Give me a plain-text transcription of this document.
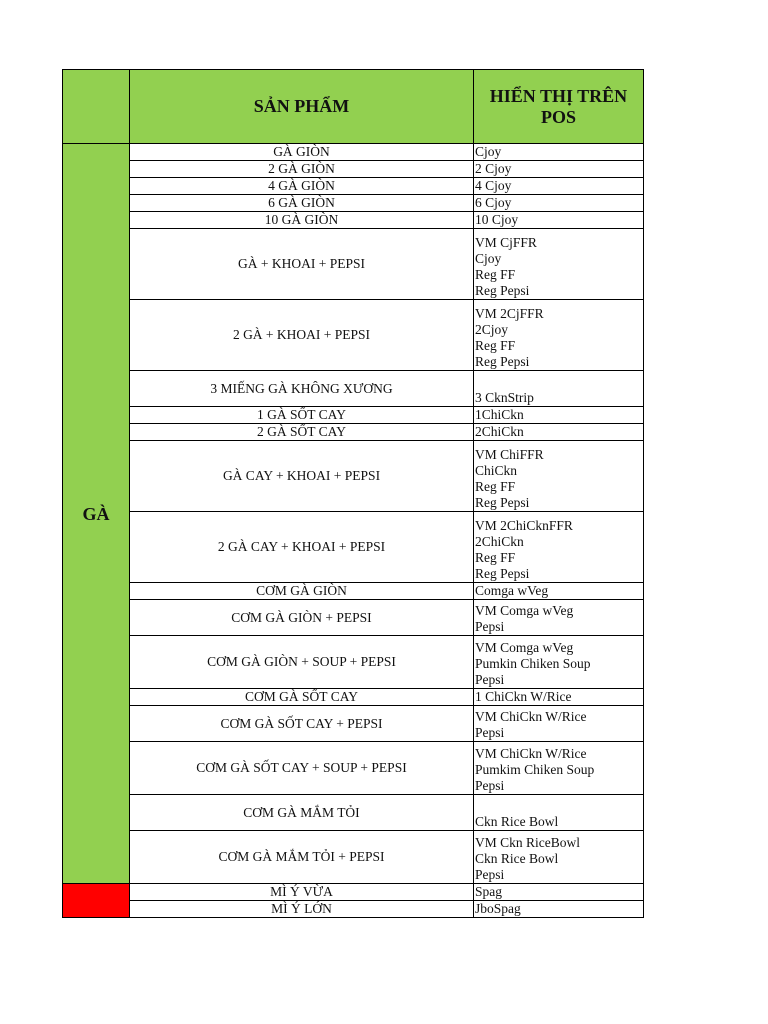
	SẢN PHẨM	HIỂN THỊ TRÊN POS
GÀ	GÀ GIÒN	Cjoy

	2 GÀ GIÒN	2 Cjoy

	4 GÀ GIÒN	4 Cjoy

	6 GÀ GIÒN	6 Cjoy

	10 GÀ GIÒN	10 Cjoy

	GÀ + KHOAI + PEPSI	VM CjFFR
Cjoy
Reg FF
Reg Pepsi

	2 GÀ + KHOAI + PEPSI	VM 2CjFFR
2Cjoy
Reg FF
Reg Pepsi

	3 MIẾNG GÀ KHÔNG XƯƠNG	3 CknStrip

	1 GÀ SỐT CAY	1ChiCkn

	2 GÀ SỐT CAY	2ChiCkn

	GÀ CAY + KHOAI + PEPSI	VM ChiFFR
ChiCkn
Reg FF
Reg Pepsi

	2 GÀ CAY + KHOAI + PEPSI	VM 2ChiCknFFR
2ChiCkn
Reg FF
Reg Pepsi

	CƠM GÀ GIÒN	Comga wVeg

	CƠM GÀ GIÒN + PEPSI	VM Comga wVeg
Pepsi

	CƠM GÀ GIÒN + SOUP + PEPSI	VM Comga wVeg
Pumkin Chiken Soup
Pepsi

	CƠM GÀ SỐT CAY	1 ChiCkn W/Rice

	CƠM GÀ SỐT CAY + PEPSI	VM ChiCkn W/Rice
Pepsi

	CƠM GÀ SỐT CAY + SOUP + PEPSI	VM ChiCkn W/Rice
Pumkim Chiken Soup
Pepsi

	CƠM GÀ MẮM TỎI	Ckn Rice Bowl

	CƠM GÀ MẮM TỎI + PEPSI	VM Ckn RiceBowl
Ckn Rice Bowl
Pepsi

	MÌ Ý VỪA	Spag

	MÌ Ý LỚN	JboSpag
